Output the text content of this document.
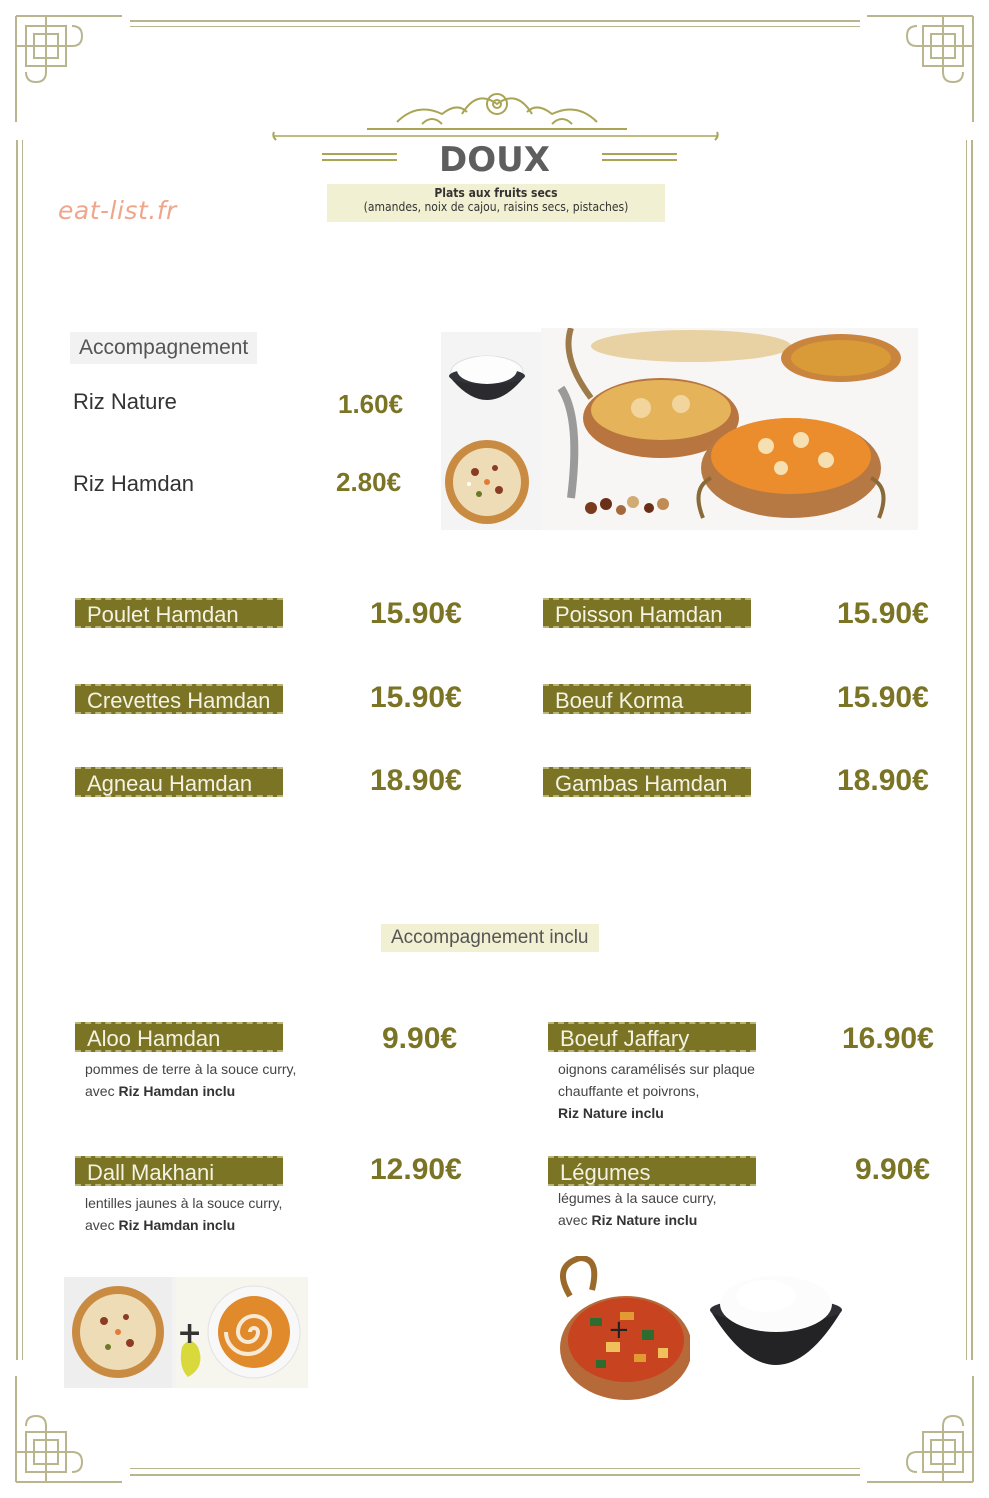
eat-list.fr
DOUX
Plats aux fruits secs
(amandes, noix de cajou, raisins secs, pistaches)
Accompagnement
Riz Nature	1.60€
Riz Hamdan	2.80€
Poulet Hamdan	15.90€	Poisson Hamdan	15.90€
Crevettes Hamdan	15.90€	Boeuf Korma	15.90€
Agneau Hamdan	18.90€	Gambas Hamdan	18.90€
Accompagnement inclu
Aloo Hamdan	9.90€
pommes de terre à la souce curry,
avec Riz Hamdan inclu
Boeuf Jaffary	16.90€
oignons caramélisés sur plaque
chauffante et poivrons,
Riz Nature inclu
Dall Makhani	12.90€
lentilles jaunes à la souce curry,
avec Riz Hamdan inclu
Légumes	9.90€
légumes à la sauce curry,
avec Riz Nature inclu
+	+
